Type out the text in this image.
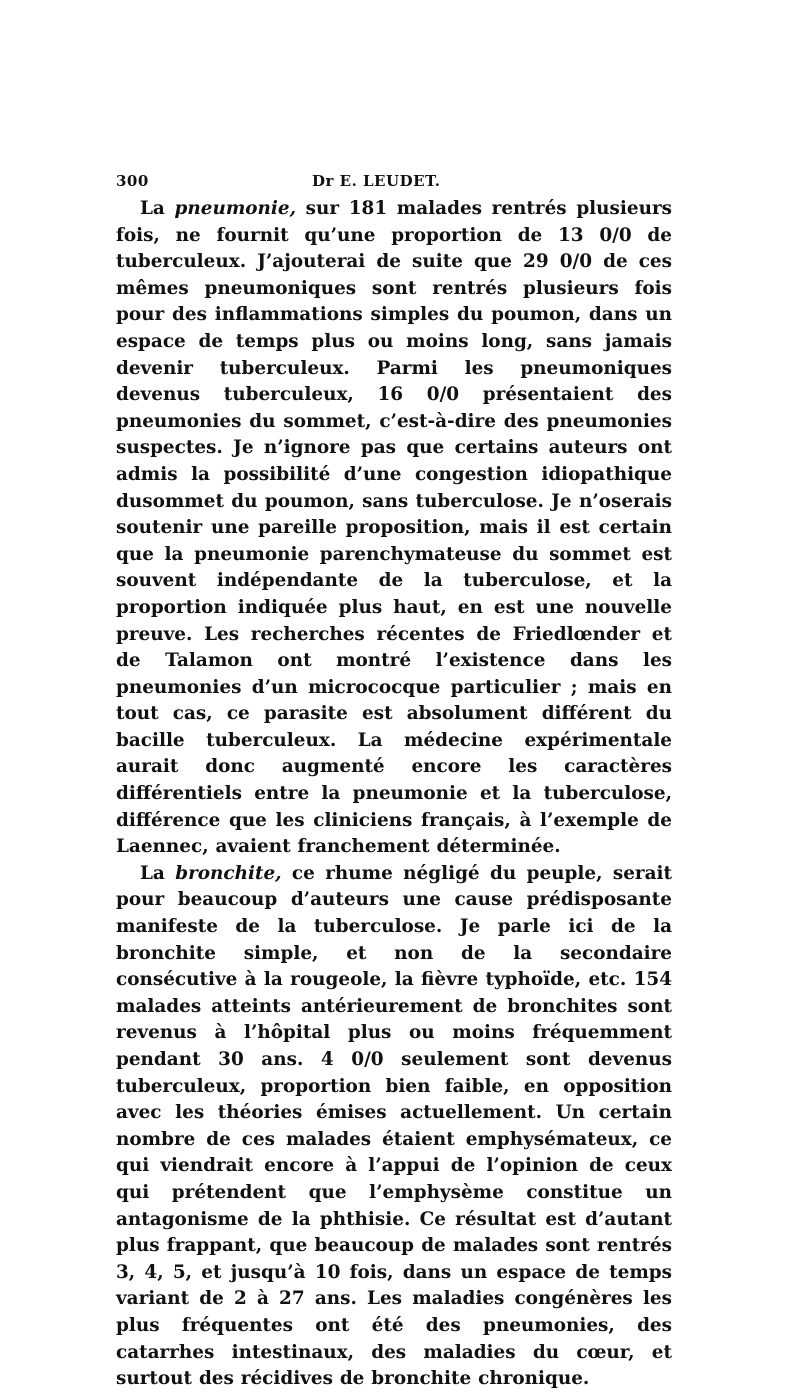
300	Dr E. LEUDET.

La pneumonie, sur 181 malades rentrés plusieurs fois, ne fournit qu’une proportion de 13 0/0 de tuberculeux. J’ajouterai de suite que 29 0/0 de ces mêmes pneumoniques sont rentrés plusieurs fois pour des inflammations simples du poumon, dans un espace de temps plus ou moins long, sans jamais devenir tuberculeux. Parmi les pneumoniques devenus tuberculeux, 16 0/0 présentaient des pneumonies du sommet, c’est-à-dire des pneumonies suspectes. Je n’ignore pas que certains auteurs ont admis la possibilité d’une congestion idiopathique dusommet du poumon, sans tuberculose. Je n’oserais soutenir une pareille proposition, mais il est certain que la pneumonie parenchymateuse du sommet est souvent indépendante de la tuberculose, et la proportion indiquée plus haut, en est une nouvelle preuve. Les recherches récentes de Friedlœnder et de Talamon ont montré l’existence dans les pneumonies d’un micrococque particulier ; mais en tout cas, ce parasite est absolument différent du bacille tuberculeux. La médecine expérimentale aurait donc augmenté encore les caractères différentiels entre la pneumonie et la tuberculose, différence que les cliniciens français, à l’exemple de Laennec, avaient franchement déterminée.

La bronchite, ce rhume négligé du peuple, serait pour beaucoup d’auteurs une cause prédisposante manifeste de la tuberculose. Je parle ici de la bronchite simple, et non de la secondaire consécutive à la rougeole, la fièvre typhoïde, etc. 154 malades atteints antérieurement de bronchites sont revenus à l’hôpital plus ou moins fréquemment pendant 30 ans. 4 0/0 seulement sont devenus tuberculeux, proportion bien faible, en opposition avec les théories émises actuellement. Un certain nombre de ces malades étaient emphysémateux, ce qui viendrait encore à l’appui de l’opinion de ceux qui prétendent que l’emphysème constitue un antagonisme de la phthisie. Ce résultat est d’autant plus frappant, que beaucoup de malades sont rentrés 3, 4, 5, et jusqu’à 10 fois, dans un espace de temps variant de 2 à 27 ans. Les maladies congénères les plus fréquentes ont été des pneumonies, des catarrhes intestinaux, des maladies du cœur, et surtout des récidives de bronchite chronique.
